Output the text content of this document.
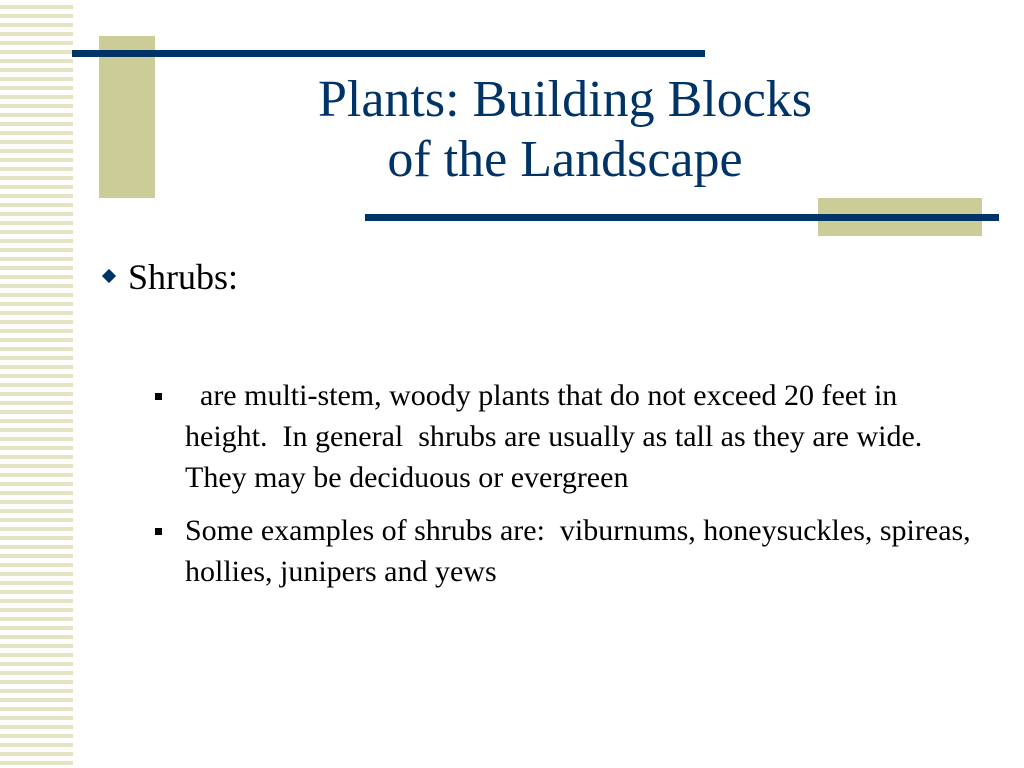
Plants: Building Blocks
of the Landscape
Shrubs:
are multi-stem, woody plants that do not exceed 20 feet in height.  In general  shrubs are usually as tall as they are wide.  They may be deciduous or evergreen
Some examples of shrubs are:  viburnums, honeysuckles, spireas, hollies, junipers and yews
